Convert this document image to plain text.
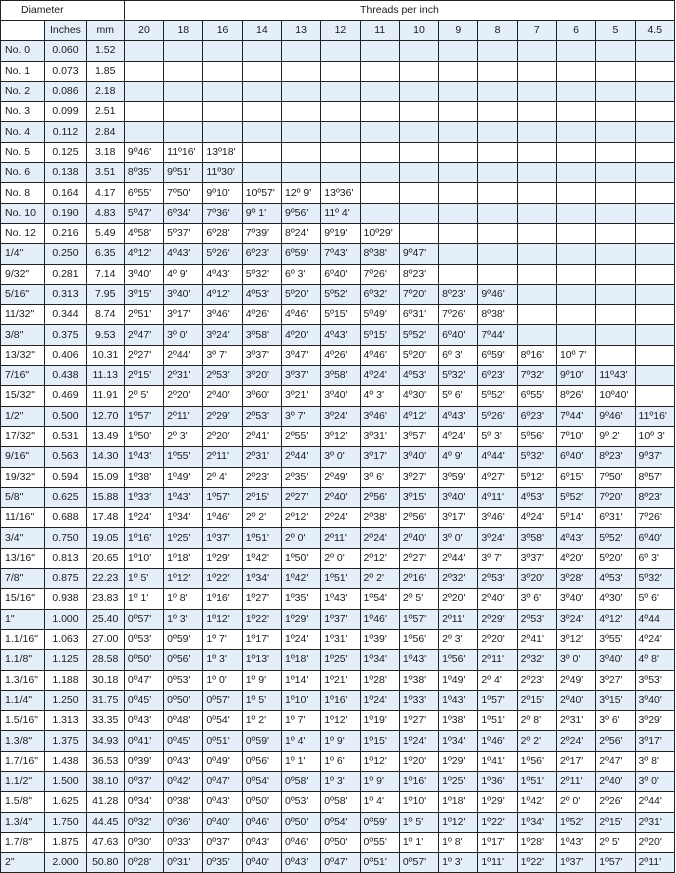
Diameter			Threads per inch													
	Inches	mm	20	18	16	14	13	12	11	10	9	8	7	6	5	4.5
No. 0	0.060	1.52														
No. 1	0.073	1.85														
No. 2	0.086	2.18														
No. 3	0.099	2.51														
No. 4	0.112	2.84														
No. 5	0.125	3.18	9º46'	11º16'	13º18'											
No. 6	0.138	3.51	8º35'	9º51'	11º30'											
No. 8	0.164	4.17	6º55'	7º50'	9º10'	10º57'	12º 9'	13º36'								
No. 10	0.190	4.83	5º47'	6º34'	7º36'	9º 1'	9º56'	11º 4'								
No. 12	0.216	5.49	4º58'	5º37'	6º28'	7º39'	8º24'	9º19'	10º29'							
1/4"	0.250	6.35	4º12'	4º43'	5º26'	6º23'	6º59'	7º43'	8º38'	9º47'						
9/32"	0.281	7.14	3º40'	4º 9'	4º43'	5º32'	6º 3'	6º40'	7º26'	8º23'						
5/16"	0.313	7.95	3º15'	3º40'	4º12'	4º53'	5º20'	5º52'	6º32'	7º20'	8º23'	9º46'				
11/32"	0.344	8.74	2º51'	3º17'	3º46'	4º26'	4º46'	5º15'	5º49'	6º31'	7º26'	8º38'				
3/8"	0.375	9.53	2º47'	3º 0'	3º24'	3º58'	4º20'	4º43'	5º15'	5º52'	6º40'	7º44'				
13/32"	0.406	10.31	2º27'	2º44'	3º 7'	3º37'	3º47'	4º26'	4º46'	5º20'	6º 3'	6º59'	8º16'	10º 7'		
7/16"	0.438	11.13	2º15'	2º31'	2º53'	3º20'	3º37'	3º58'	4º24'	4º53'	5º32'	6º23'	7º32'	9º10'	11º43'	
15/32"	0.469	11.91	2º 5'	2º20'	2º40'	3º60'	3º21'	3º40'	4º 3'	4º30'	5º 6'	5º52'	6º55'	8º26'	10º40'	
1/2"	0.500	12.70	1º57'	2º11'	2º29'	2º53'	3º 7'	3º24'	3º46'	4º12'	4º43'	5º26'	6º23'	7º44'	9º46'	11º16'
17/32"	0.531	13.49	1º50'	2º 3'	2º20'	2º41'	2º55'	3º12'	3º31'	3º57'	4º24'	5º 3'	5º56'	7º10'	9º 2'	10º 3'
9/16"	0.563	14.30	1º43'	1º55'	2º11'	2º31'	2º44'	3º 0'	3º17'	3º40'	4º 9'	4º44'	5º32'	6º40'	8º23'	9º37'
19/32"	0.594	15.09	1º38'	1º49'	2º 4'	2º23'	2º35'	2º49'	3º 6'	3º27'	3º59'	4º27'	5º12'	6º15'	7º50'	8º57'
5/8"	0.625	15.88	1º33'	1º43'	1º57'	2º15'	2º27'	2º40'	2º56'	3º15'	3º40'	4º11'	4º53'	5º52'	7º20'	8º23'
11/16"	0.688	17.48	1º24'	1º34'	1º46'	2º 2'	2º12'	2º24'	2º38'	2º56'	3º17'	3º46'	4º24'	5º14'	6º31'	7º26'
3/4"	0.750	19.05	1º16'	1º25'	1º37'	1º51'	2º 0'	2º11'	2º24'	2º40'	3º 0'	3º24'	3º58'	4º43'	5º52'	6º40'
13/16"	0.813	20.65	1º10'	1º18'	1º29'	1º42'	1º50'	2º 0'	2º12'	2º27'	2º44'	3º 7'	3º37'	4º20'	5º20'	6º 3'
7/8"	0.875	22.23	1º 5'	1º12'	1º22'	1º34'	1º42'	1º51'	2º 2'	2º16'	2º32'	2º53'	3º20'	3º28'	4º53'	5º32'
15/16"	0.938	23.83	1º 1'	1º 8'	1º16'	1º27'	1º35'	1º43'	1º54'	2º 5'	2º20'	2º40'	3º 6'	3º40'	4º30'	5º 6'
1"	1.000	25.40	0º57'	1º 3'	1º12'	1º22'	1º29'	1º37'	1º46'	1º57'	2º11'	2º29'	2º53'	3º24'	4º12'	4º44
1.1/16"	1.063	27.00	0º53'	0º59'	1º 7'	1º17'	1º24'	1º31'	1º39'	1º56'	2º 3'	2º20'	2º41'	3º12'	3º55'	4º24'
1.1/8"	1.125	28.58	0º50'	0º56'	1º 3'	1º13'	1º18'	1º25'	1º34'	1º43'	1º56'	2º11'	2º32'	3º 0'	3º40'	4º 8'
1.3/16"	1.188	30.18	0º47'	0º53'	1º 0'	1º 9'	1º14'	1º21'	1º28'	1º38'	1º49'	2º 4'	2º23'	2º49'	3º27'	3º53'
1.1/4"	1.250	31.75	0º45'	0º50'	0º57'	1º 5'	1º10'	1º16'	1º24'	1º33'	1º43'	1º57'	2º15'	2º40'	3º15'	3º40'
1.5/16"	1.313	33.35	0º43'	0º48'	0º54'	1º 2'	1º 7'	1º12'	1º19'	1º27'	1º38'	1º51'	2º 8'	2º31'	3º 6'	3º29'
1.3/8"	1.375	34.93	0º41'	0º45'	0º51'	0º59'	1º 4'	1º 9'	1º15'	1º24'	1º34'	1º46'	2º 2'	2º24'	2º56'	3º17'
1.7/16"	1.438	36.53	0º39'	0º43'	0º49'	0º56'	1º 1'	1º 6'	1º12'	1º20'	1º29'	1º41'	1º56'	2º17'	2º47'	3º 8'
1.1/2"	1.500	38.10	0º37'	0º42'	0º47'	0º54'	0º58'	1º 3'	1º 9'	1º16'	1º25'	1º36'	1º51'	2º11'	2º40'	3º 0'
1.5/8"	1.625	41.28	0º34'	0º38'	0º43'	0º50'	0º53'	0º58'	1º 4'	1º10'	1º18'	1º29'	1º42'	2º 0'	2º26'	2º44'
1.3/4"	1.750	44.45	0º32'	0º36'	0º40'	0º46'	0º50'	0º54'	0º59'	1º 5'	1º12'	1º22'	1º34'	1º52'	2º15'	2º31'
1.7/8"	1.875	47.63	0º30'	0º33'	0º37'	0º43'	0º46'	0º50'	0º55'	1º 1'	1º 8'	1º17'	1º28'	1º43'	2º 5'	2º20'
2"	2.000	50.80	0º28'	0º31'	0º35'	0º40'	0º43'	0º47'	0º51'	0º57'	1º 3'	1º11'	1º22'	1º37'	1º57'	2º11'
